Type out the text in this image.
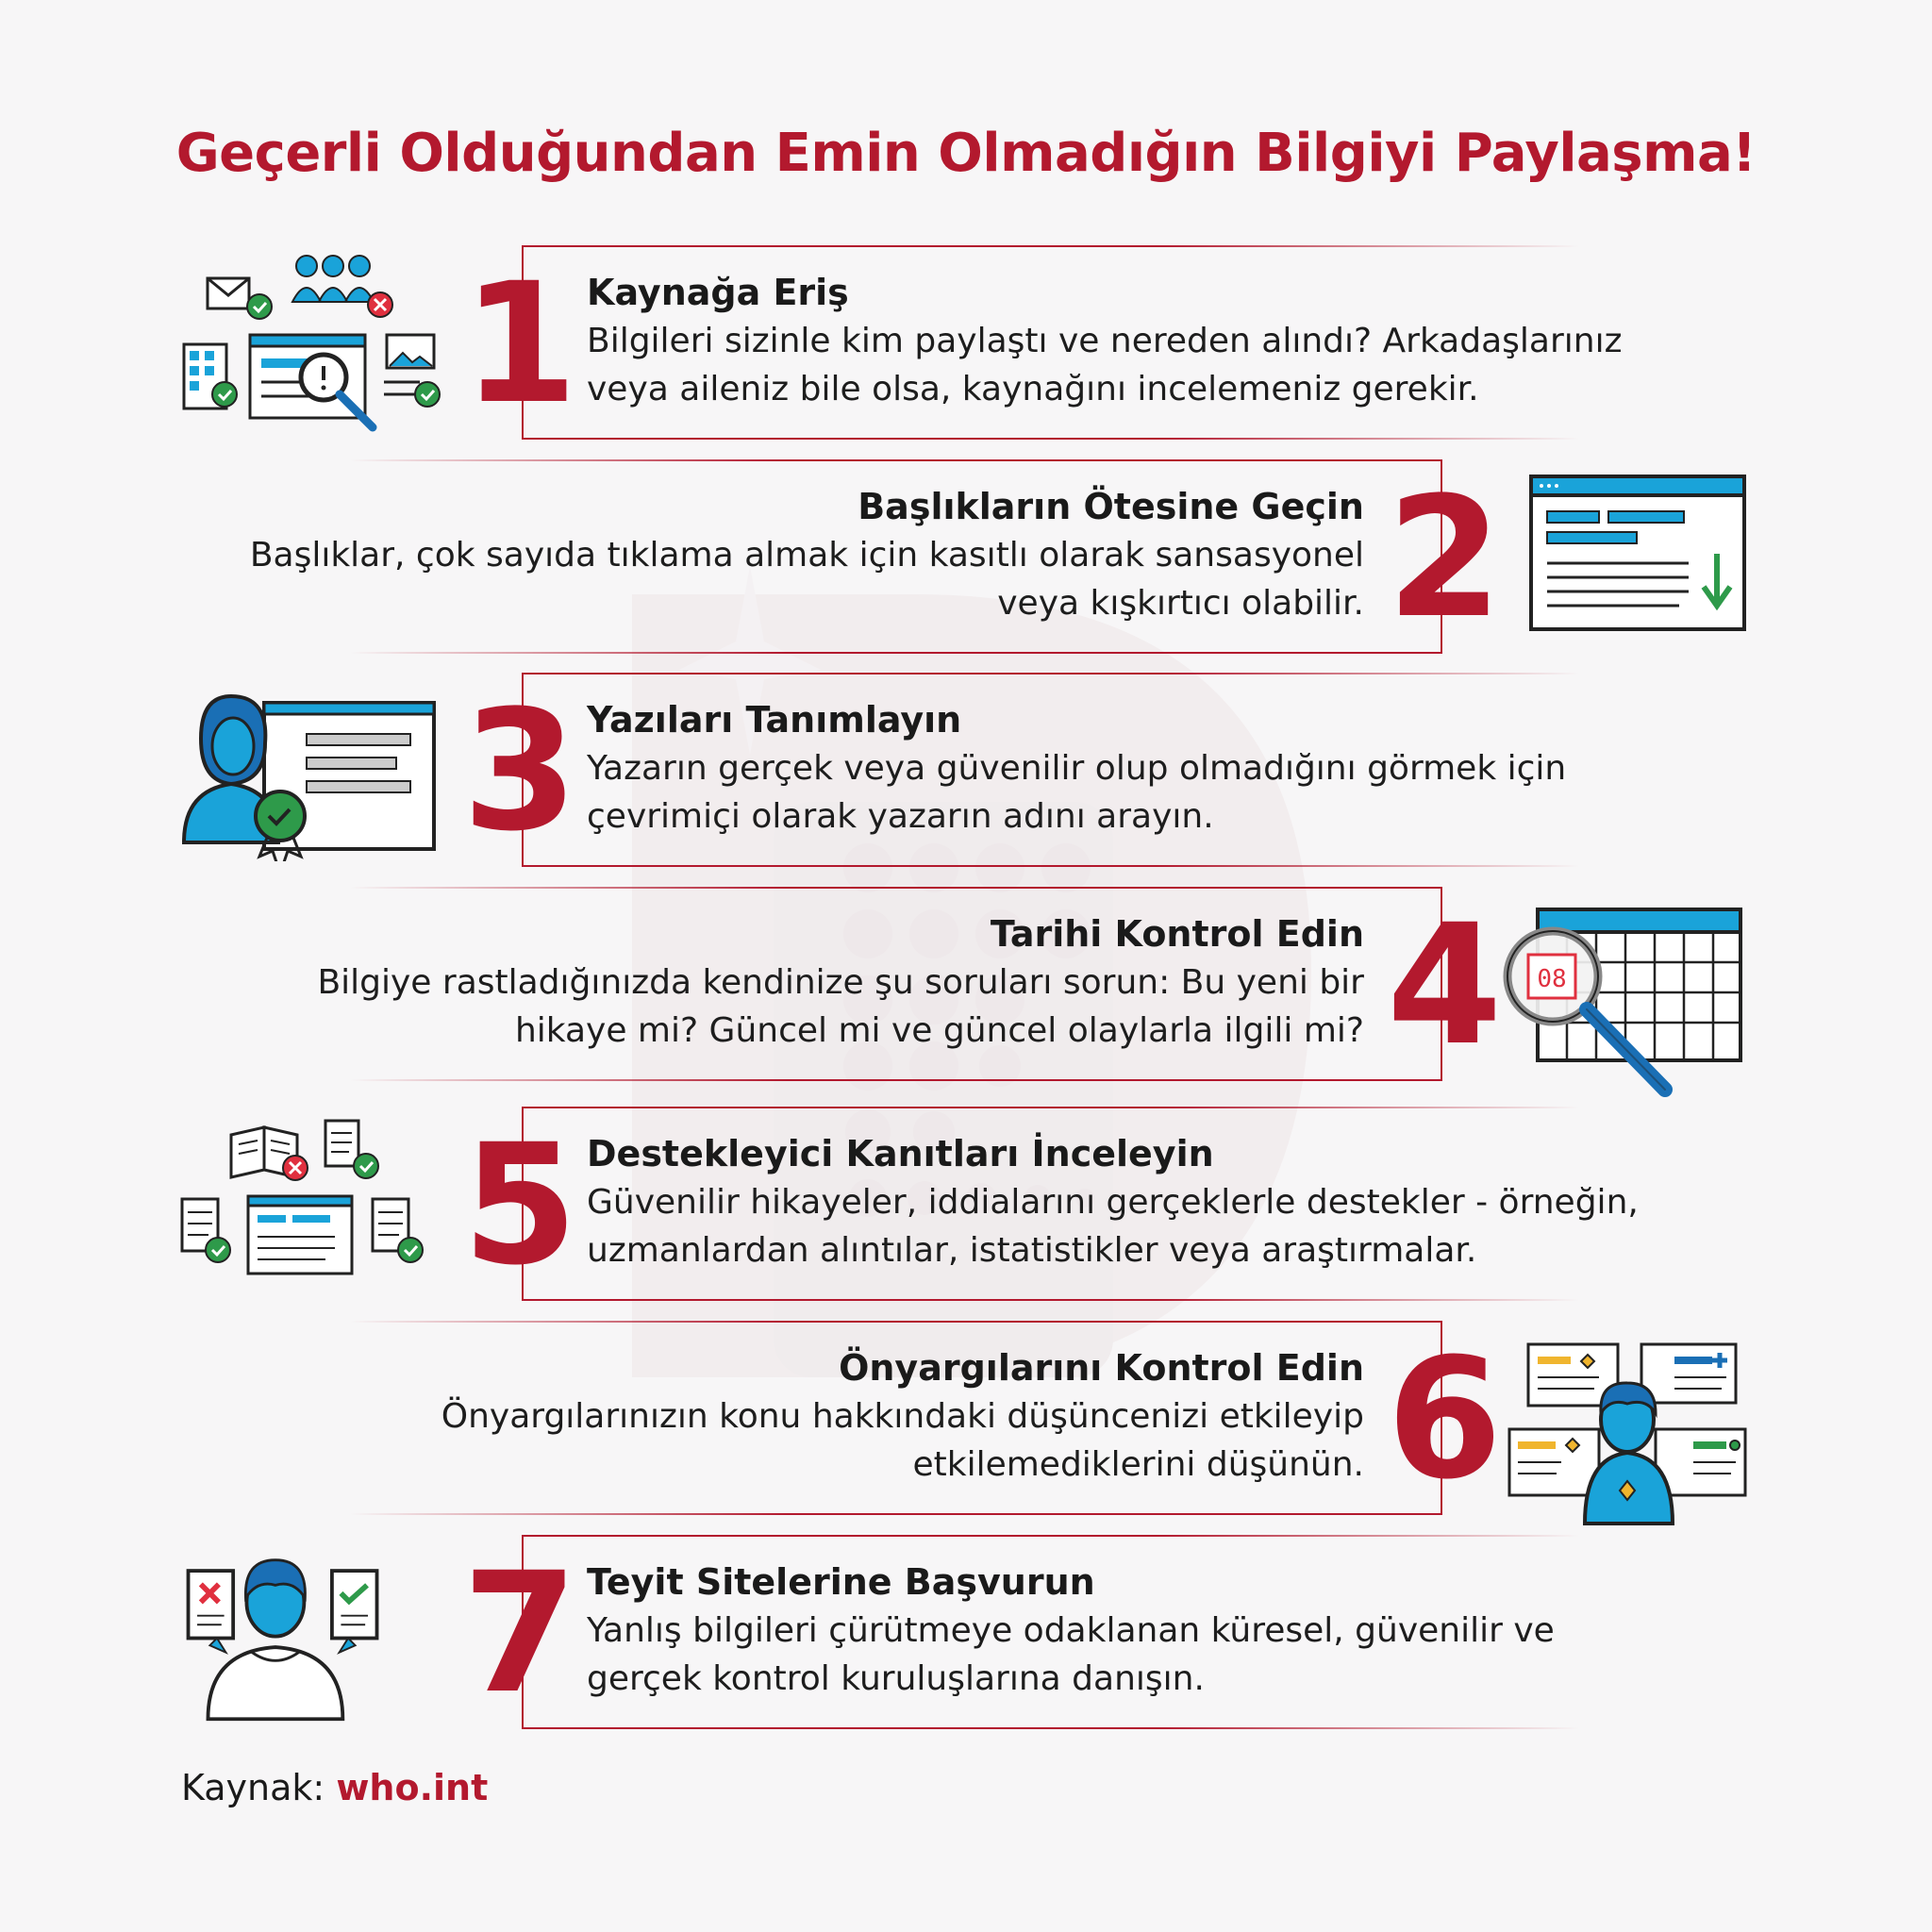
Geçerli Olduğundan Emin Olmadığın Bilgiyi Paylaşma!
1 Kaynağa Eriş
Bilgileri sizinle kim paylaştı ve nereden alındı? Arkadaşlarınız
veya aileniz bile olsa, kaynağını incelemeniz gerekir.
2
Başlıkların Ötesine Geçin
Başlıklar, çok sayıda tıklama almak için kasıtlı olarak sansasyonel
veya kışkırtıcı olabilir.
3 Yazıları Tanımlayın
Yazarın gerçek veya güvenilir olup olmadığını görmek için
çevrimiçi olarak yazarın adını arayın.
4
Tarihi Kontrol Edin
Bilgiye rastladığınızda kendinize şu soruları sorun: Bu yeni bir
hikaye mi? Güncel mi ve güncel olaylarla ilgili mi?
08
5 Destekleyici Kanıtları İnceleyin
Güvenilir hikayeler, iddialarını gerçeklerle destekler - örneğin,
uzmanlardan alıntılar, istatistikler veya araştırmalar.
6
Önyargılarını Kontrol Edin
Önyargılarınızın konu hakkındaki düşüncenizi etkileyip
etkilemediklerini düşünün.
7 Teyit Sitelerine Başvurun
Yanlış bilgileri çürütmeye odaklanan küresel, güvenilir ve
gerçek kontrol kuruluşlarına danışın.
Kaynak: who.int
